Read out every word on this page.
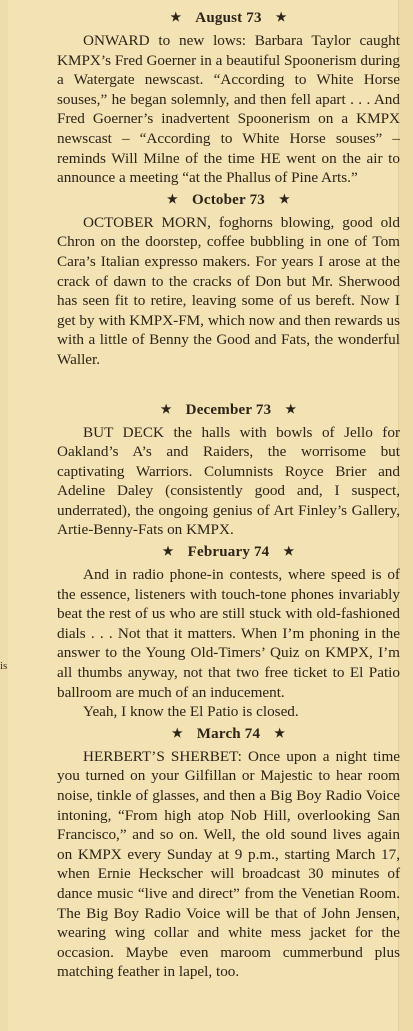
is
★ August 73 ★

ONWARD to new lows: Barbara Taylor caught KMPX’s Fred Goerner in a beautiful Spoonerism during a Watergate newscast. “According to White Horse souses,” he began solemnly, and then fell apart . . . And Fred Goerner’s inadvertent Spoonerism on a KMPX newscast – “According to White Horse souses” – reminds Will Milne of the time HE went on the air to announce a meeting “at the Phallus of Pine Arts.”

★ October 73 ★

OCTOBER MORN, foghorns blowing, good old Chron on the doorstep, coffee bubbling in one of Tom Cara’s Italian expresso makers. For years I arose at the crack of dawn to the cracks of Don but Mr. Sherwood has seen fit to retire, leaving some of us bereft. Now I get by with KMPX-FM, which now and then rewards us with a little of Benny the Good and Fats, the wonderful Waller.

★ December 73 ★

BUT DECK the halls with bowls of Jello for Oakland’s A’s and Raiders, the worrisome but captivating Warriors. Columnists Royce Brier and Adeline Daley (consistently good and, I suspect, underrated), the ongoing genius of Art Finley’s Gallery, Artie-Benny-Fats on KMPX.

★ February 74 ★

And in radio phone-in contests, where speed is of the essence, listeners with touch-tone phones invariably beat the rest of us who are still stuck with old-fashioned dials . . . Not that it matters. When I’m phoning in the answer to the Young Old-Timers’ Quiz on KMPX, I’m all thumbs anyway, not that two free ticket to El Patio ballroom are much of an inducement.

Yeah, I know the El Patio is closed.

★ March 74 ★

HERBERT’S SHERBET: Once upon a night time you turned on your Gilfillan or Majestic to hear room noise, tinkle of glasses, and then a Big Boy Radio Voice intoning, “From high atop Nob Hill, overlooking San Francisco,” and so on. Well, the old sound lives again on KMPX every Sunday at 9 p.m., starting March 17, when Ernie Heckscher will broadcast 30 minutes of dance music “live and direct” from the Venetian Room. The Big Boy Radio Voice will be that of John Jensen, wearing wing collar and white mess jacket for the occasion. Maybe even maroom cummerbund plus matching feather in lapel, too.
